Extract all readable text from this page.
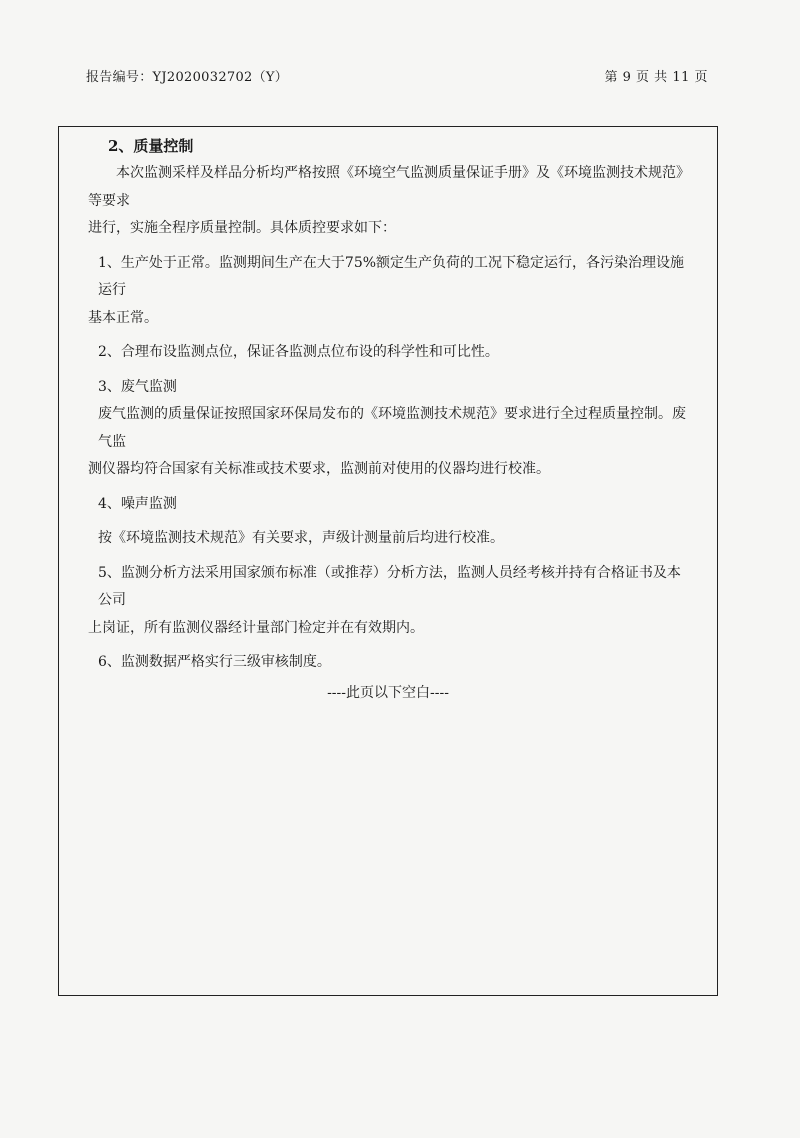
报告编号：YJ2020032702（Y）	第 9 页 共 11 页

2、质量控制

本次监测采样及样品分析均严格按照《环境空气监测质量保证手册》及《环境监测技术规范》等要求

进行，实施全程序质量控制。具体质控要求如下：

1、生产处于正常。监测期间生产在大于75%额定生产负荷的工况下稳定运行，各污染治理设施运行

基本正常。

2、合理布设监测点位，保证各监测点位布设的科学性和可比性。

3、废气监测

废气监测的质量保证按照国家环保局发布的《环境监测技术规范》要求进行全过程质量控制。废气监

测仪器均符合国家有关标准或技术要求，监测前对使用的仪器均进行校准。

4、噪声监测

按《环境监测技术规范》有关要求，声级计测量前后均进行校准。

5、监测分析方法采用国家颁布标准（或推荐）分析方法，监测人员经考核并持有合格证书及本公司

上岗证，所有监测仪器经计量部门检定并在有效期内。

6、监测数据严格实行三级审核制度。

----此页以下空白----
